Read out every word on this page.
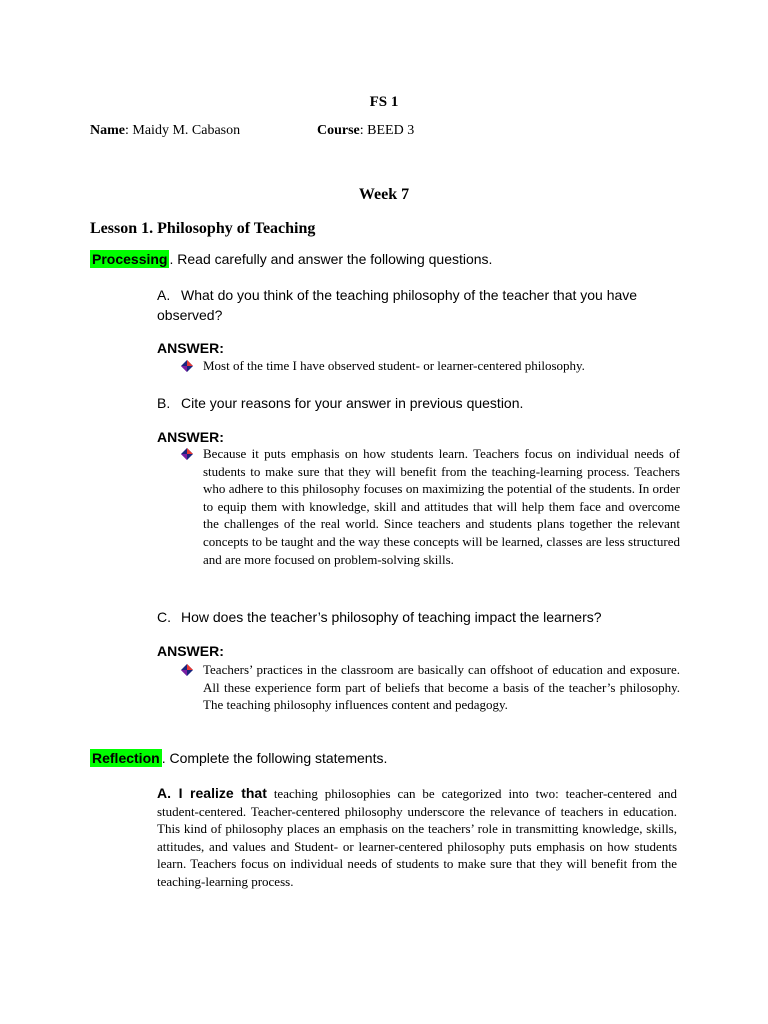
FS 1
Name: Maidy M. Cabason	Course: BEED 3
Week 7
Lesson 1. Philosophy of Teaching
Processing . Read carefully and answer the following questions.
A. What do you think of the teaching philosophy of the teacher that you have observed?
ANSWER:
Most of the time I have observed student- or learner-centered philosophy.
B. Cite your reasons for your answer in previous question.
ANSWER:
Because it puts emphasis on how students learn. Teachers focus on individual needs of students to make sure that they will benefit from the teaching-learning process. Teachers who adhere to this philosophy focuses on maximizing the potential of the students. In order to equip them with knowledge, skill and attitudes that will help them face and overcome the challenges of the real world. Since teachers and students plans together the relevant concepts to be taught and the way these concepts will be learned, classes are less structured and are more focused on problem-solving skills.
C. How does the teacher’s philosophy of teaching impact the learners?
ANSWER:
Teachers’ practices in the classroom are basically can offshoot of education and exposure. All these experience form part of beliefs that become a basis of the teacher’s philosophy. The teaching philosophy influences content and pedagogy.
Reflection . Complete the following statements.
A. I realize that teaching philosophies can be categorized into two: teacher-centered and student-centered. Teacher-centered philosophy underscore the relevance of teachers in education. This kind of philosophy places an emphasis on the teachers’ role in transmitting knowledge, skills, attitudes, and values and Student- or learner-centered philosophy puts emphasis on how students learn. Teachers focus on individual needs of students to make sure that they will benefit from the teaching-learning process.
